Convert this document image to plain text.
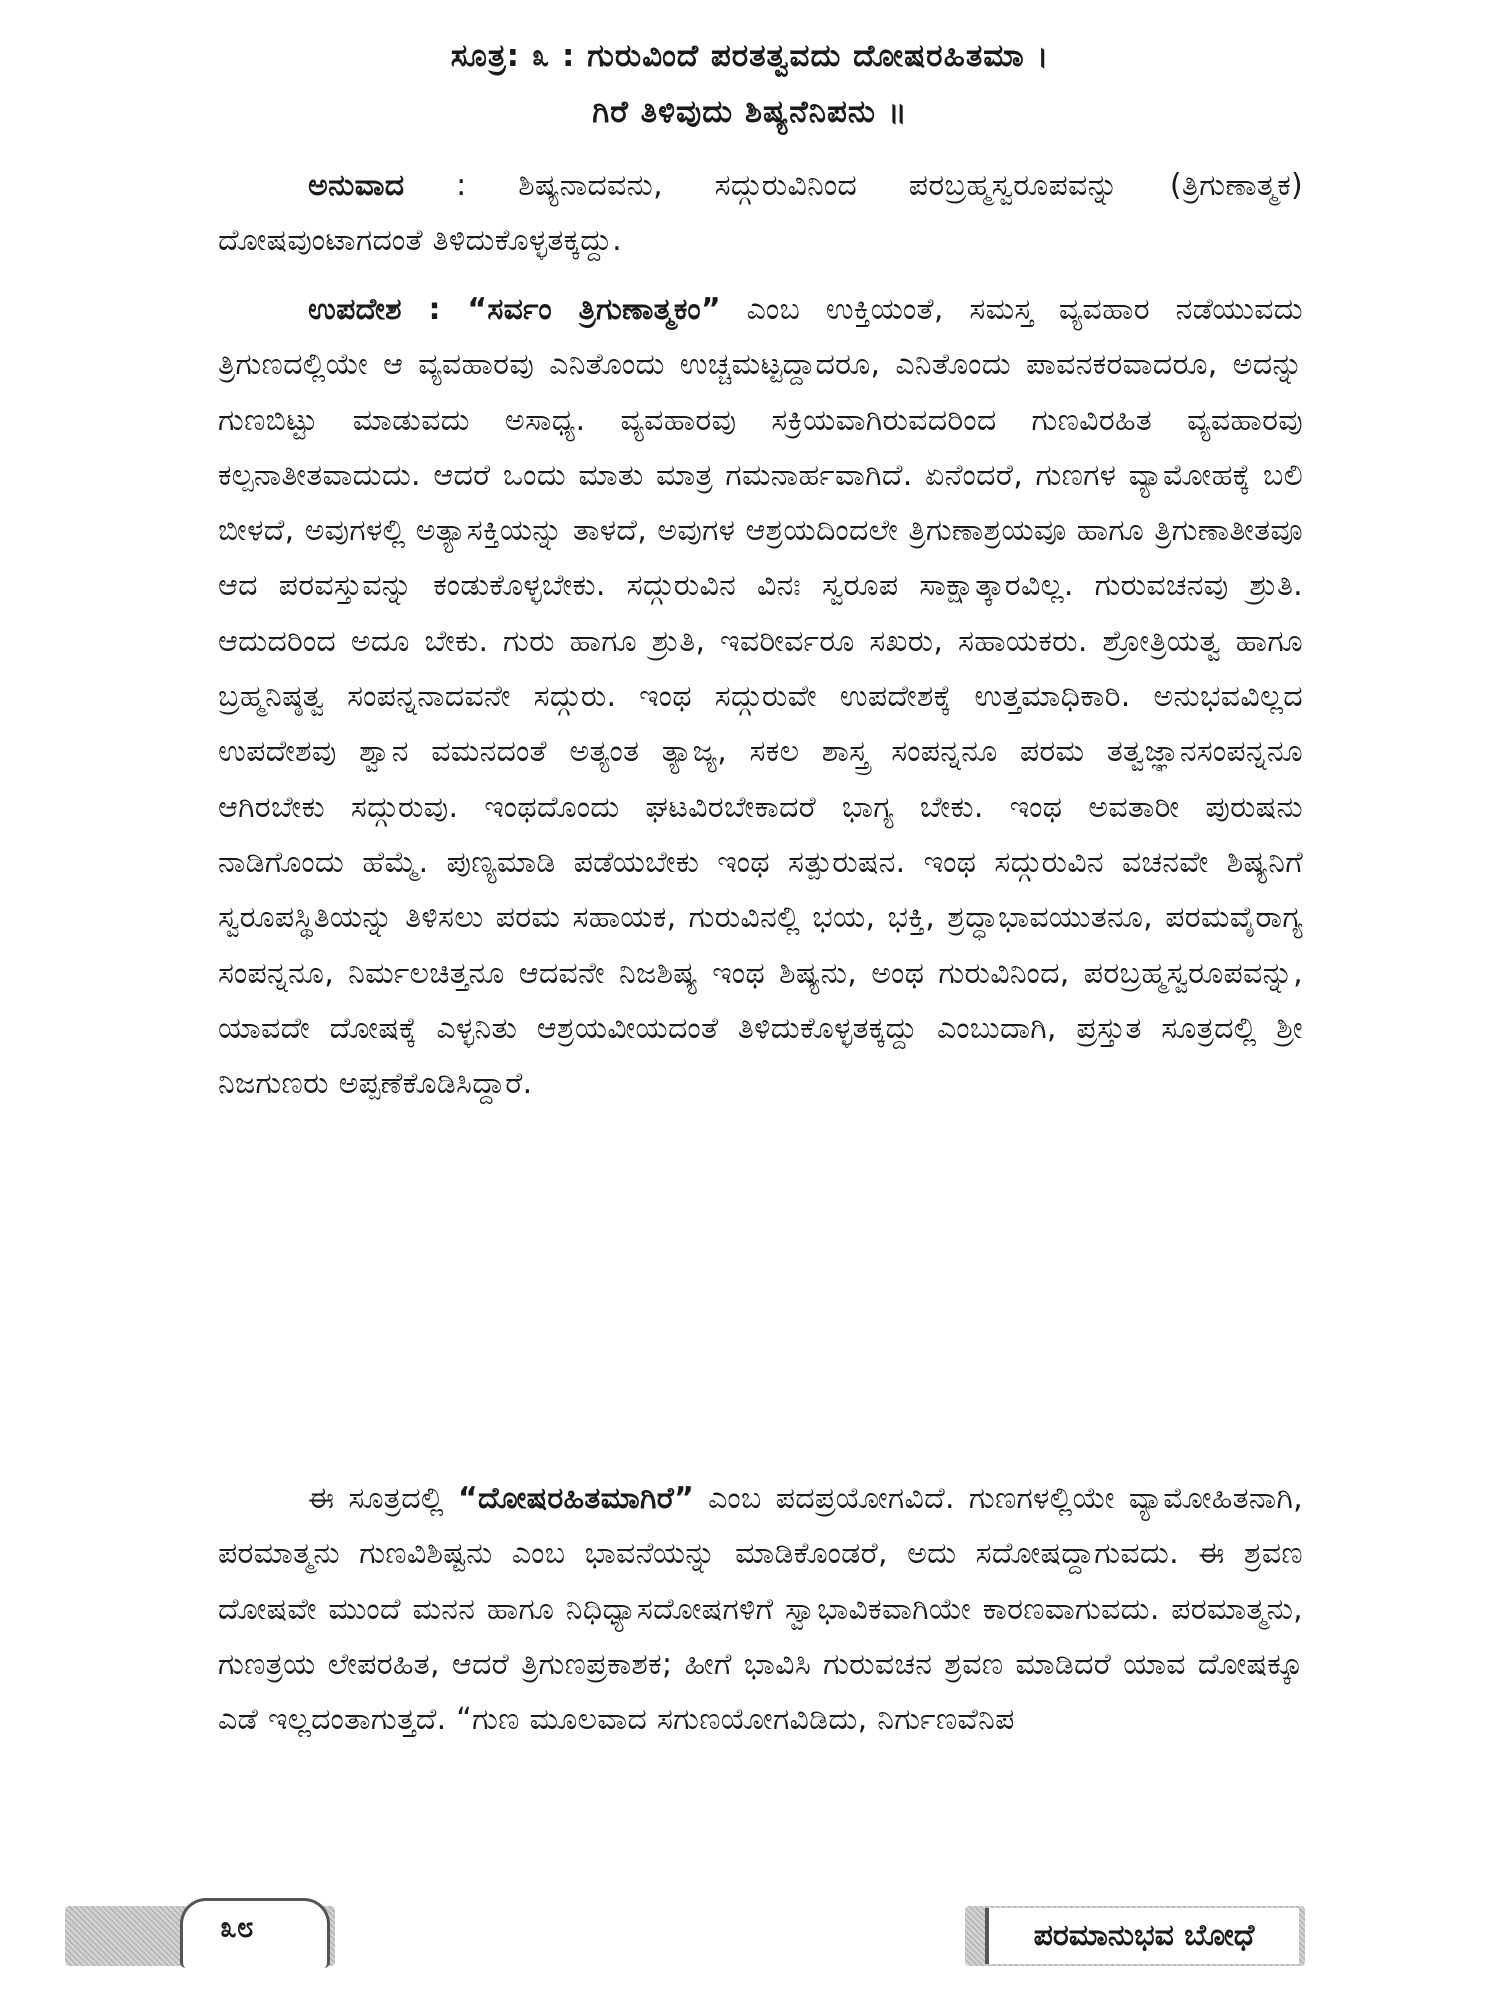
ಸೂತ್ರ: ೩ : ಗುರುವಿಂದೆ ಪರತತ್ವವದು ದೋಷರಹಿತಮಾ ।
ಗಿರೆ ತಿಳಿವುದು ಶಿಷ್ಯನೆನಿಪನು ॥
ಅನುವಾದ : ಶಿಷ್ಯನಾದವನು, ಸದ್ಗುರುವಿನಿಂದ ಪರಬ್ರಹ್ಮಸ್ವರೂಪವನ್ನು (ತ್ರಿಗುಣಾತ್ಮಕ) ದೋಷವುಂಟಾಗದಂತೆ ತಿಳಿದುಕೊಳ್ಳತಕ್ಕದ್ದು.
ಉಪದೇಶ : “ಸರ್ವಂ ತ್ರಿಗುಣಾತ್ಮಕಂ” ಎಂಬ ಉಕ್ತಿಯಂತೆ, ಸಮಸ್ತ ವ್ಯವಹಾರ ನಡೆಯುವದು ತ್ರಿಗುಣದಲ್ಲಿಯೇ ಆ ವ್ಯವಹಾರವು ಎನಿತೊಂದು ಉಚ್ಚಮಟ್ಟದ್ದಾದರೂ, ಎನಿತೊಂದು ಪಾವನಕರವಾದರೂ, ಅದನ್ನು ಗುಣಬಿಟ್ಟು ಮಾಡುವದು ಅಸಾಧ್ಯ. ವ್ಯವಹಾರವು ಸಕ್ರಿಯವಾಗಿರುವದರಿಂದ ಗುಣವಿರಹಿತ ವ್ಯವಹಾರವು ಕಲ್ಪನಾತೀತವಾದುದು. ಆದರೆ ಒಂದು ಮಾತು ಮಾತ್ರ ಗಮನಾರ್ಹವಾಗಿದೆ. ಏನೆಂದರೆ, ಗುಣಗಳ ವ್ಯಾಮೋಹಕ್ಕೆ ಬಲಿ ಬೀಳದೆ, ಅವುಗಳಲ್ಲಿ ಅತ್ಯಾಸಕ್ತಿಯನ್ನು ತಾಳದೆ, ಅವುಗಳ ಆಶ್ರಯದಿಂದಲೇ ತ್ರಿಗುಣಾಶ್ರಯವೂ ಹಾಗೂ ತ್ರಿಗುಣಾತೀತವೂ ಆದ ಪರವಸ್ತುವನ್ನು ಕಂಡುಕೊಳ್ಳಬೇಕು. ಸದ್ಗುರುವಿನ ವಿನಃ ಸ್ವರೂಪ ಸಾಕ್ಷಾತ್ಕಾರವಿಲ್ಲ. ಗುರುವಚನವು ಶ್ರುತಿ. ಆದುದರಿಂದ ಅದೂ ಬೇಕು. ಗುರು ಹಾಗೂ ಶ್ರುತಿ, ಇವರೀರ್ವರೂ ಸಖರು, ಸಹಾಯಕರು. ಶ್ರೋತ್ರಿಯತ್ವ ಹಾಗೂ ಬ್ರಹ್ಮನಿಷ್ಠತ್ವ ಸಂಪನ್ನನಾದವನೇ ಸದ್ಗುರು. ಇಂಥ ಸದ್ಗುರುವೇ ಉಪದೇಶಕ್ಕೆ ಉತ್ತಮಾಧಿಕಾರಿ. ಅನುಭವವಿಲ್ಲದ ಉಪದೇಶವು ಶ್ವಾನ ವಮನದಂತೆ ಅತ್ಯಂತ ತ್ಯಾಜ್ಯ, ಸಕಲ ಶಾಸ್ತ್ರ ಸಂಪನ್ನನೂ ಪರಮ ತತ್ವಜ್ಞಾನಸಂಪನ್ನನೂ ಆಗಿರಬೇಕು ಸದ್ಗುರುವು. ಇಂಥದೊಂದು ಘಟವಿರಬೇಕಾದರೆ ಭಾಗ್ಯ ಬೇಕು. ಇಂಥ ಅವತಾರೀ ಪುರುಷನು ನಾಡಿಗೊಂದು ಹೆಮ್ಮೆ. ಪುಣ್ಯಮಾಡಿ ಪಡೆಯಬೇಕು ಇಂಥ ಸತ್ಪುರುಷನ. ಇಂಥ ಸದ್ಗುರುವಿನ ವಚನವೇ ಶಿಷ್ಯನಿಗೆ ಸ್ವರೂಪಸ್ಥಿತಿಯನ್ನು ತಿಳಿಸಲು ಪರಮ ಸಹಾಯಕ, ಗುರುವಿನಲ್ಲಿ ಭಯ, ಭಕ್ತಿ, ಶ್ರದ್ಧಾಭಾವಯುತನೂ, ಪರಮವೈರಾಗ್ಯ ಸಂಪನ್ನನೂ, ನಿರ್ಮಲಚಿತ್ತನೂ ಆದವನೇ ನಿಜಶಿಷ್ಯ ಇಂಥ ಶಿಷ್ಯನು, ಅಂಥ ಗುರುವಿನಿಂದ, ಪರಬ್ರಹ್ಮಸ್ವರೂಪವನ್ನು, ಯಾವದೇ ದೋಷಕ್ಕೆ ಎಳ್ಳನಿತು ಆಶ್ರಯವೀಯದಂತೆ ತಿಳಿದುಕೊಳ್ಳತಕ್ಕದ್ದು ಎಂಬುದಾಗಿ, ಪ್ರಸ್ತುತ ಸೂತ್ರದಲ್ಲಿ ಶ್ರೀ ನಿಜಗುಣರು ಅಪ್ಪಣೆಕೊಡಿಸಿದ್ದಾರೆ.
ಈ ಸೂತ್ರದಲ್ಲಿ “ದೋಷರಹಿತಮಾಗಿರೆ” ಎಂಬ ಪದಪ್ರಯೋಗವಿದೆ. ಗುಣಗಳಲ್ಲಿಯೇ ವ್ಯಾಮೋಹಿತನಾಗಿ, ಪರಮಾತ್ಮನು ಗುಣವಿಶಿಷ್ಟನು ಎಂಬ ಭಾವನೆಯನ್ನು ಮಾಡಿಕೊಂಡರೆ, ಅದು ಸದೋಷದ್ದಾಗುವದು. ಈ ಶ್ರವಣ ದೋಷವೇ ಮುಂದೆ ಮನನ ಹಾಗೂ ನಿಧಿಧ್ಯಾಸದೋಷಗಳಿಗೆ ಸ್ವಾಭಾವಿಕವಾಗಿಯೇ ಕಾರಣವಾಗುವದು. ಪರಮಾತ್ಮನು, ಗುಣತ್ರಯ ಲೇಪರಹಿತ, ಆದರೆ ತ್ರಿಗುಣಪ್ರಕಾಶಕ; ಹೀಗೆ ಭಾವಿಸಿ ಗುರುವಚನ ಶ್ರವಣ ಮಾಡಿದರೆ ಯಾವ ದೋಷಕ್ಕೂ ಎಡೆ ಇಲ್ಲದಂತಾಗುತ್ತದೆ. “ಗುಣ ಮೂಲವಾದ ಸಗುಣಯೋಗವಿಡಿದು, ನಿರ್ಗುಣವೆನಿಪ
೩೮	ಪರಮಾನುಭವ ಬೋಧೆ
